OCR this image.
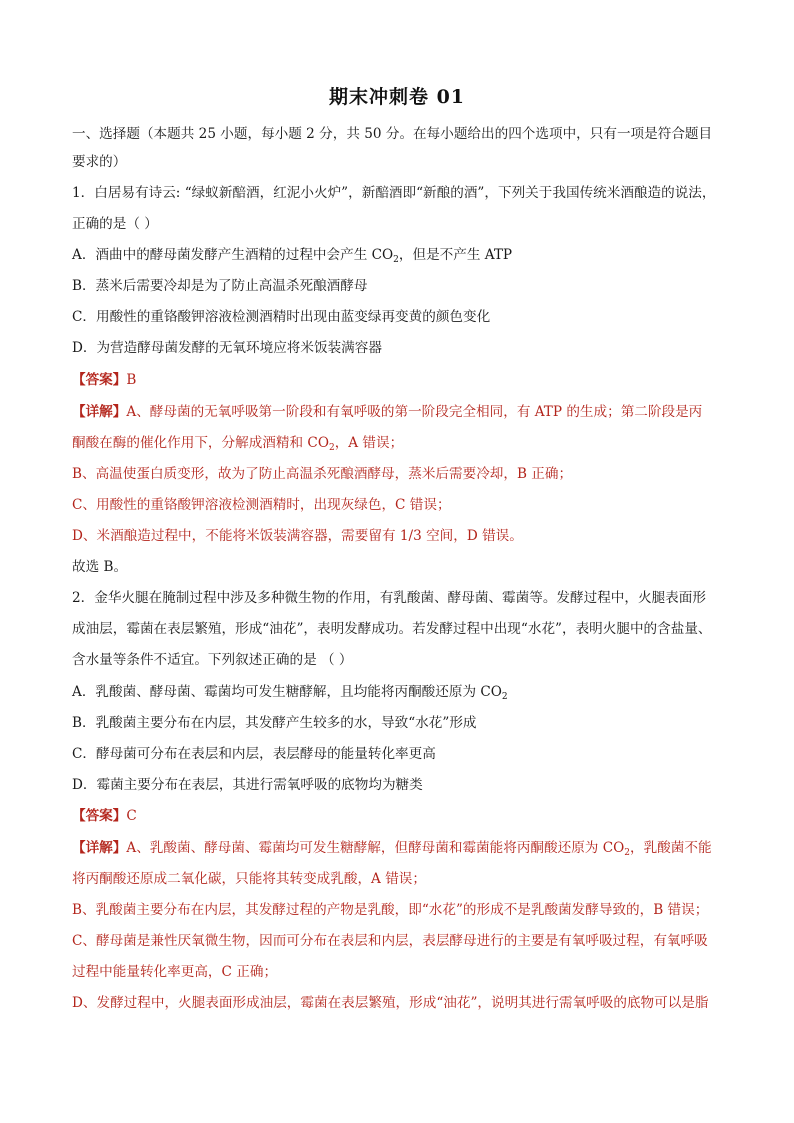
期末冲刺卷 01
一、选择题（本题共 25 小题，每小题 2 分，共 50 分。在每小题给出的四个选项中，只有一项是符合题目
要求的）
1．白居易有诗云: “绿蚁新醅酒，红泥小火炉”，新醅酒即“新酿的酒”，下列关于我国传统米酒酿造的说法，
正确的是（ ）
A．酒曲中的酵母菌发酵产生酒精的过程中会产生 $CO_2$，但是不产生 ATP
B．蒸米后需要冷却是为了防止高温杀死酿酒酵母
C．用酸性的重铬酸钾溶液检测酒精时出现由蓝变绿再变黄的颜色变化
D．为营造酵母菌发酵的无氧环境应将米饭装满容器
【答案】B
【详解】A、酵母菌的无氧呼吸第一阶段和有氧呼吸的第一阶段完全相同，有 ATP 的生成；第二阶段是丙
酮酸在酶的催化作用下，分解成酒精和 $CO_2$，A 错误；
B、高温使蛋白质变形，故为了防止高温杀死酿酒酵母，蒸米后需要冷却，B 正确；
C、用酸性的重铬酸钾溶液检测酒精时，出现灰绿色，C 错误；
D、米酒酿造过程中，不能将米饭装满容器，需要留有 1/3 空间，D 错误。
故选 B。
2．金华火腿在腌制过程中涉及多种微生物的作用，有乳酸菌、酵母菌、霉菌等。发酵过程中，火腿表面形
成油层，霉菌在表层繁殖，形成“油花”，表明发酵成功。若发酵过程中出现“水花”，表明火腿中的含盐量、
含水量等条件不适宜。下列叙述正确的是 （ ）
A．乳酸菌、酵母菌、霉菌均可发生糖酵解，且均能将丙酮酸还原为 $CO_2$
B．乳酸菌主要分布在内层，其发酵产生较多的水，导致“水花”形成
C．酵母菌可分布在表层和内层，表层酵母的能量转化率更高
D．霉菌主要分布在表层，其进行需氧呼吸的底物均为糖类
【答案】C
【详解】A、乳酸菌、酵母菌、霉菌均可发生糖酵解，但酵母菌和霉菌能将丙酮酸还原为 $CO_2$，乳酸菌不能
将丙酮酸还原成二氧化碳，只能将其转变成乳酸，A 错误；
B、乳酸菌主要分布在内层，其发酵过程的产物是乳酸，即“水花”的形成不是乳酸菌发酵导致的，B 错误；
C、酵母菌是兼性厌氧微生物，因而可分布在表层和内层，表层酵母进行的主要是有氧呼吸过程，有氧呼吸
过程中能量转化率更高，C 正确；
D、发酵过程中，火腿表面形成油层，霉菌在表层繁殖，形成“油花”，说明其进行需氧呼吸的底物可以是脂
